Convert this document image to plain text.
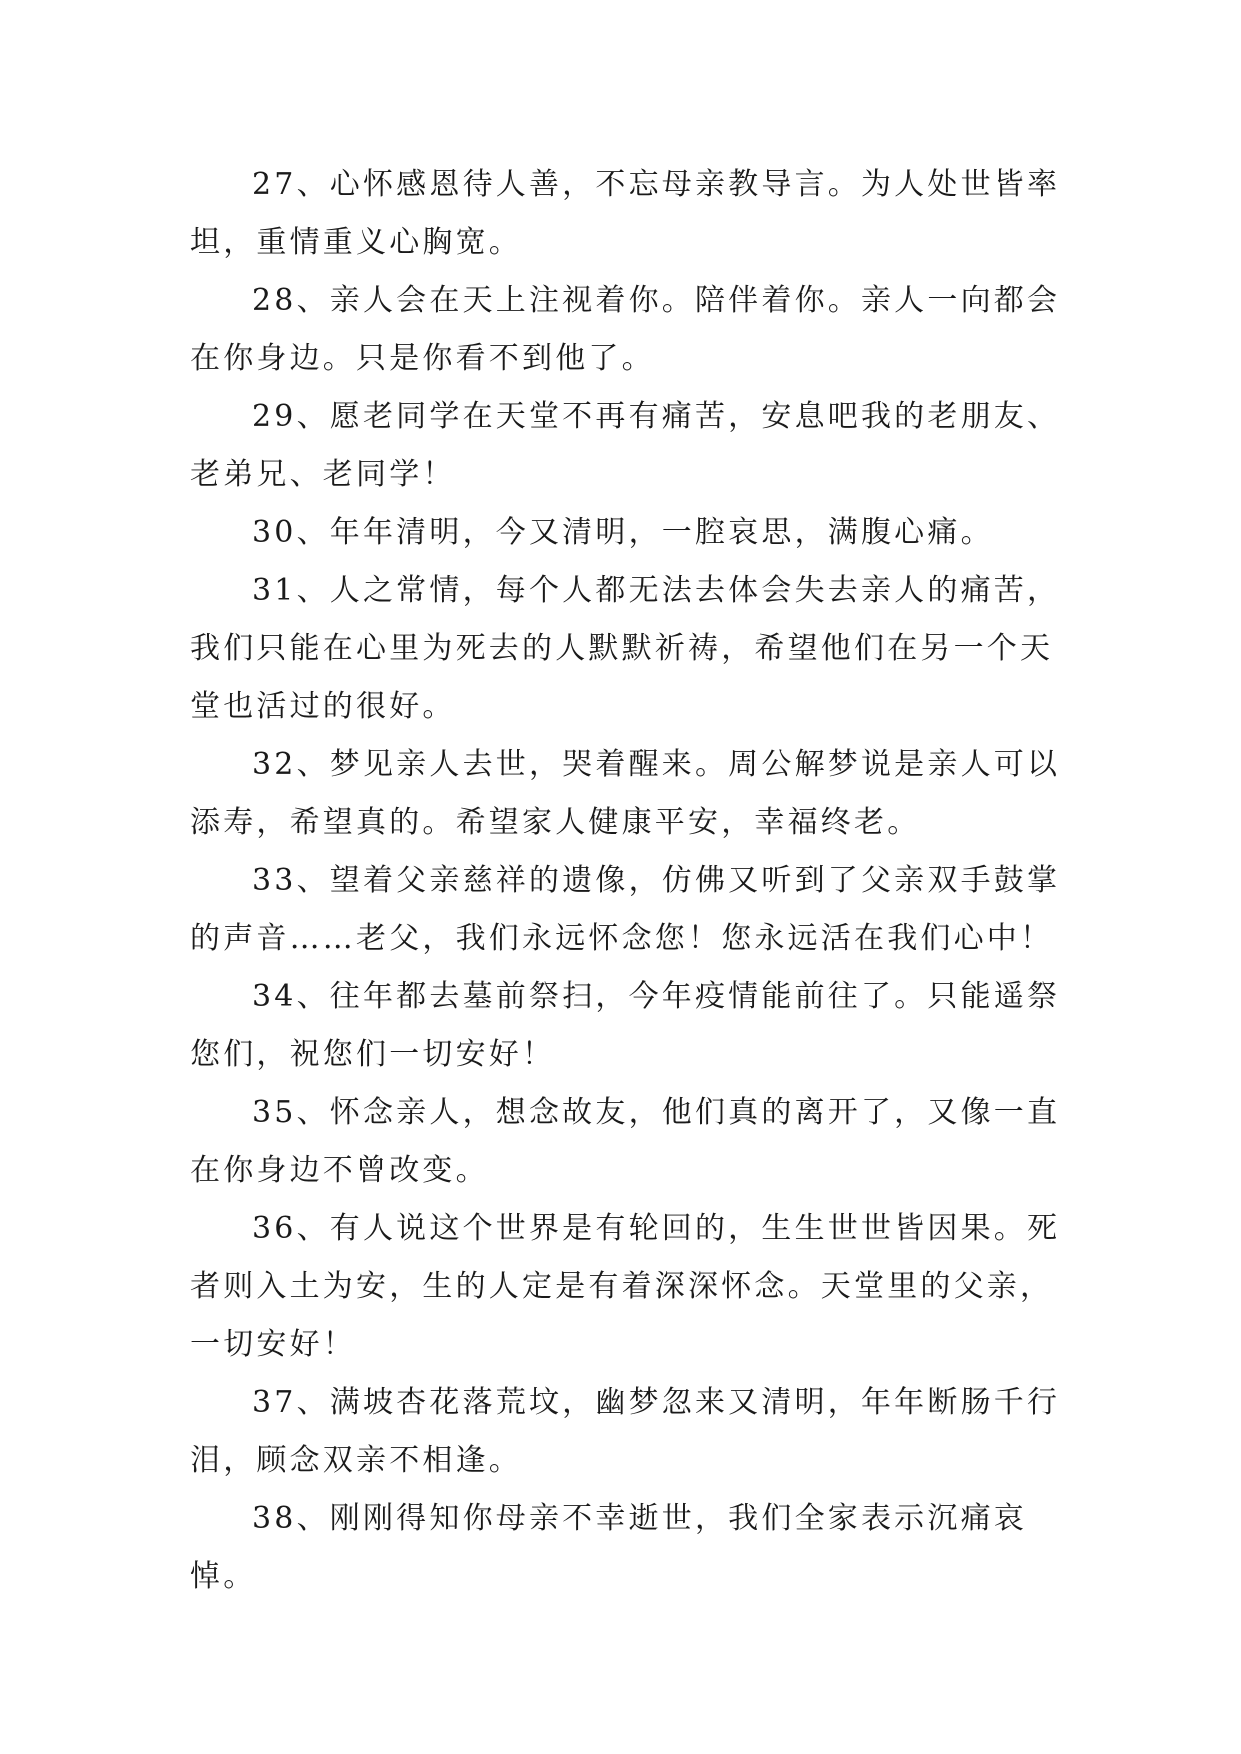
27、心怀感恩待人善，不忘母亲教导言。为人处世皆率坦，重情重义心胸宽。

28、亲人会在天上注视着你。陪伴着你。亲人一向都会在你身边。只是你看不到他了。

29、愿老同学在天堂不再有痛苦，安息吧我的老朋友、老弟兄、老同学！

30、年年清明，今又清明，一腔哀思，满腹心痛。

31、人之常情，每个人都无法去体会失去亲人的痛苦，我们只能在心里为死去的人默默祈祷，希望他们在另一个天堂也活过的很好。

32、梦见亲人去世，哭着醒来。周公解梦说是亲人可以添寿，希望真的。希望家人健康平安，幸福终老。

33、望着父亲慈祥的遗像，仿佛又听到了父亲双手鼓掌的声音……老父，我们永远怀念您！您永远活在我们心中！

34、往年都去墓前祭扫，今年疫情能前往了。只能遥祭您们，祝您们一切安好！

35、怀念亲人，想念故友，他们真的离开了，又像一直在你身边不曾改变。

36、有人说这个世界是有轮回的，生生世世皆因果。死者则入土为安，生的人定是有着深深怀念。天堂里的父亲，一切安好！

37、满坡杏花落荒坟，幽梦忽来又清明，年年断肠千行泪，顾念双亲不相逢。

38、刚刚得知你母亲不幸逝世，我们全家表示沉痛哀悼。
